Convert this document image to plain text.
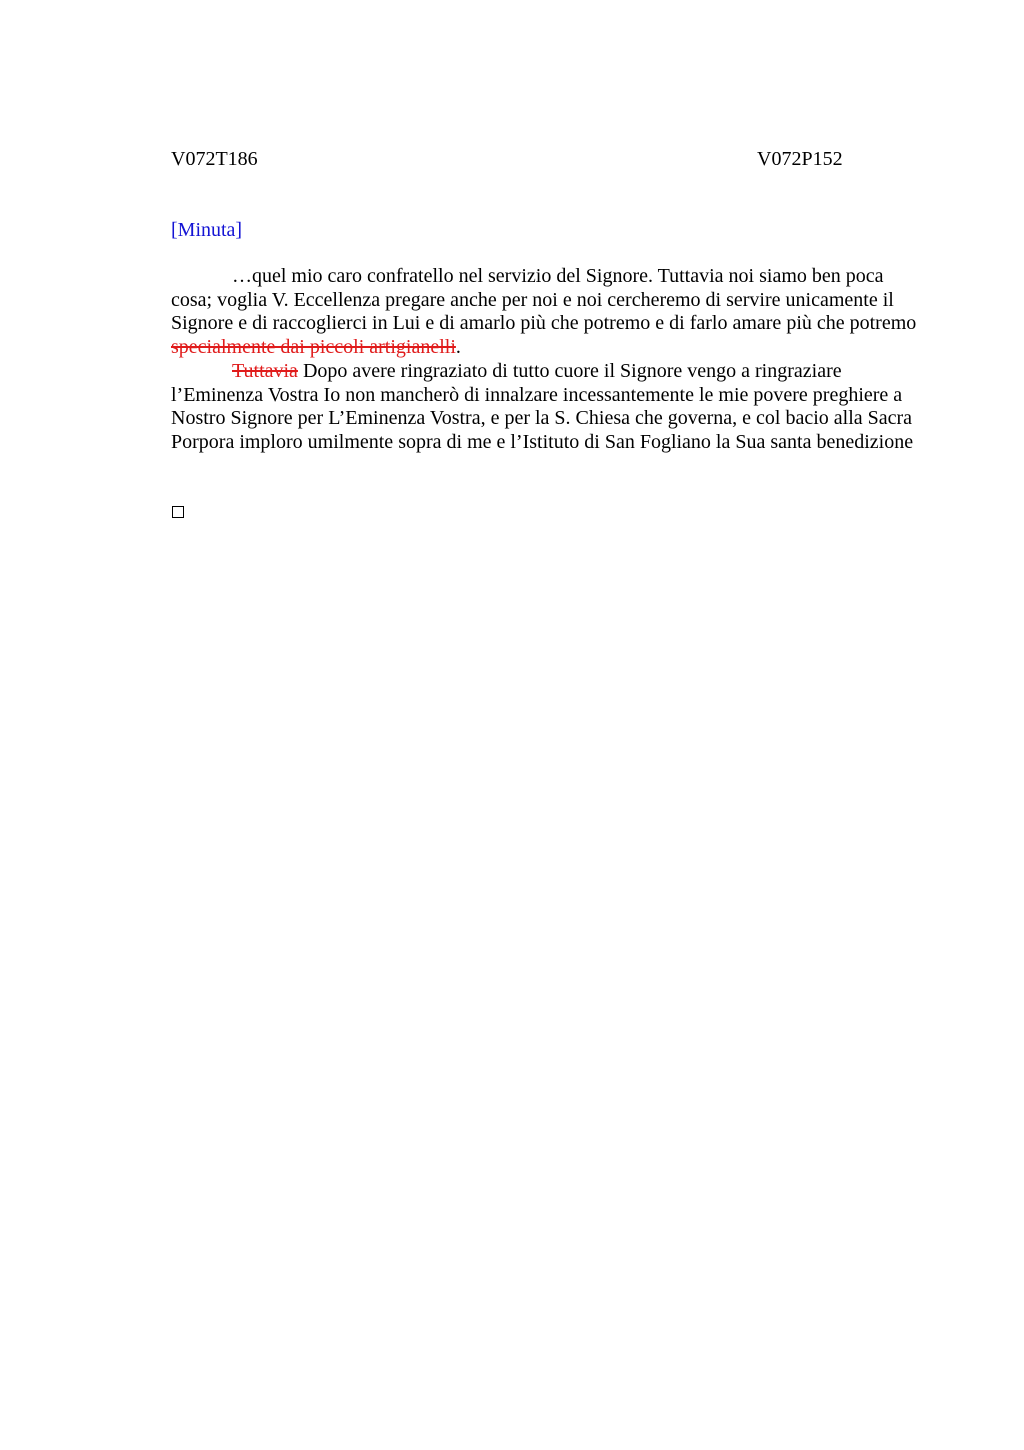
V072T186	V072P152
[Minuta]

…quel mio caro confratello nel servizio del Signore. Tuttavia noi siamo ben poca cosa; voglia V. Eccellenza pregare anche per noi e noi cercheremo di servire unicamente il Signore e di raccoglierci in Lui e di amarlo più che potremo e di farlo amare più che potremo specialmente dai piccoli artigianelli.

Tuttavia Dopo avere ringraziato di tutto cuore il Signore vengo a ringraziare l’Eminenza Vostra Io non mancherò di innalzare incessantemente le mie povere preghiere a Nostro Signore per L’Eminenza Vostra, e per la S. Chiesa che governa, e col bacio alla Sacra Porpora imploro umilmente sopra di me e l’Istituto di San Fogliano la Sua santa benedizione
